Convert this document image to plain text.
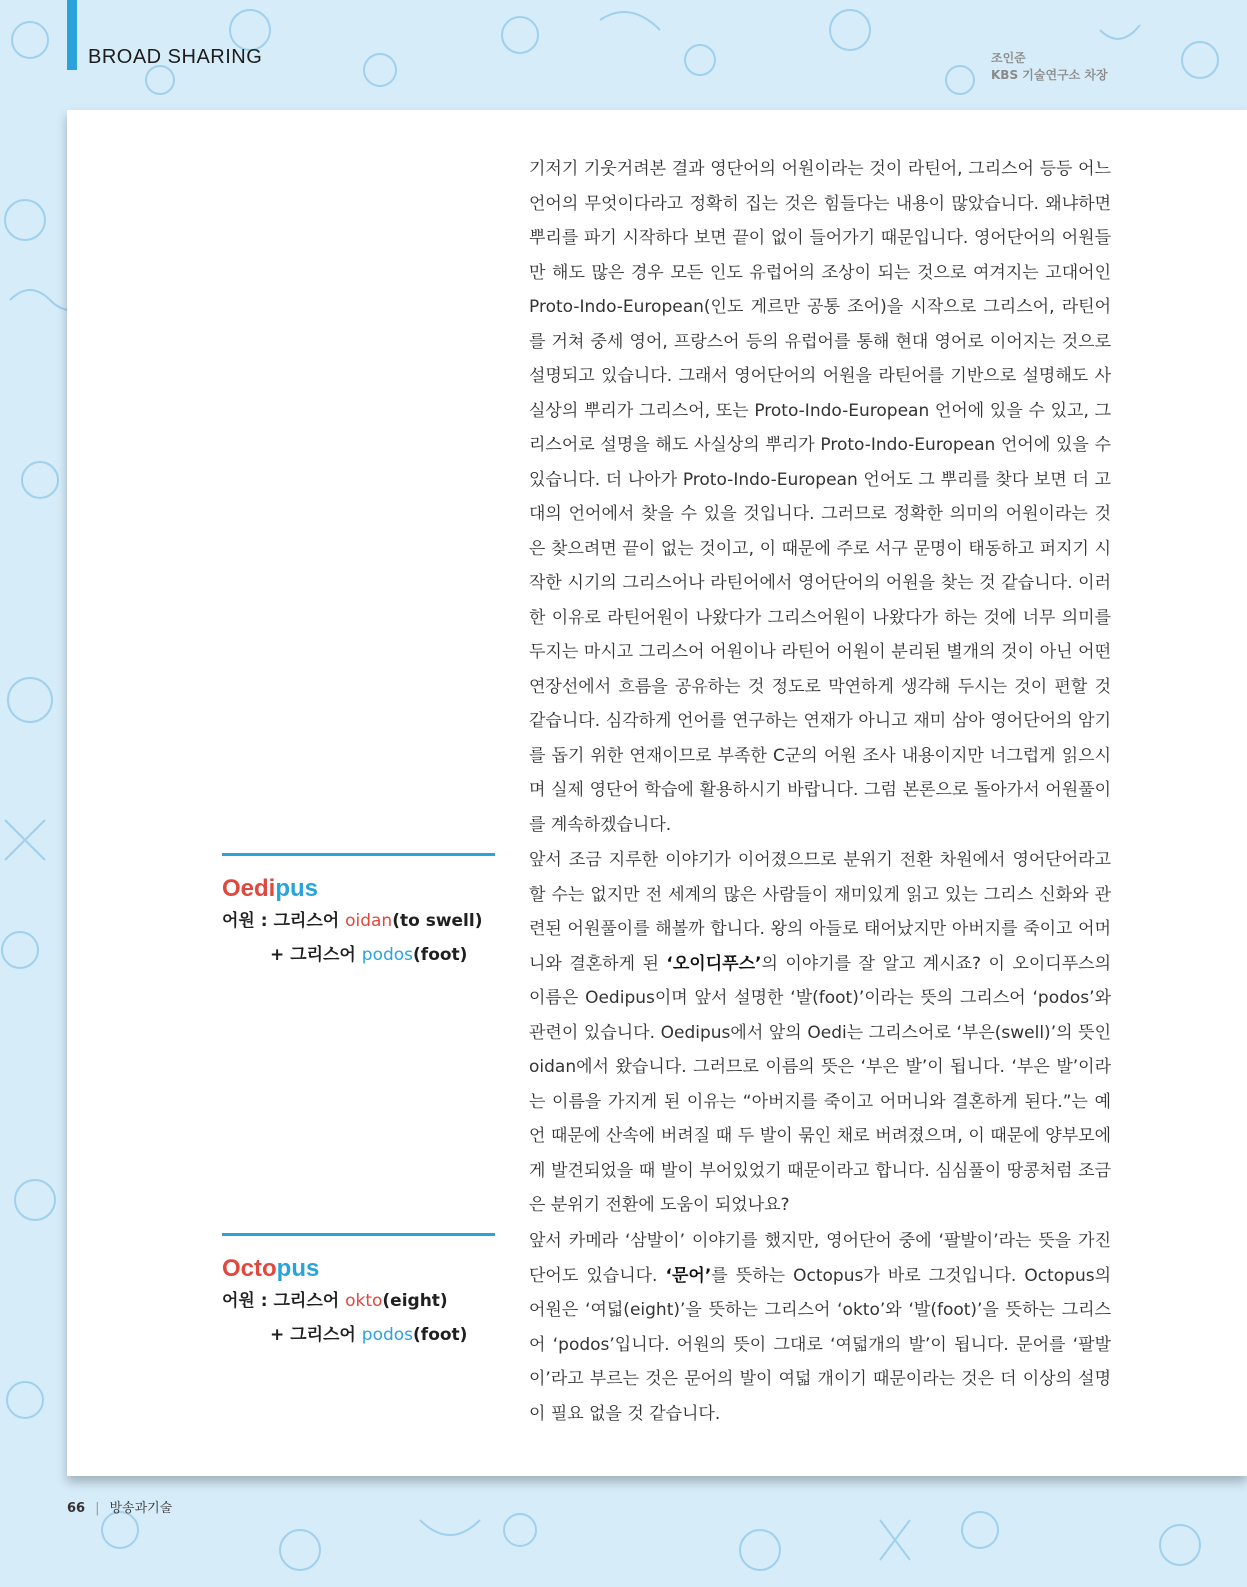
BROAD SHARING	조인준
KBS 기술연구소 차장
기저기 기웃거려본 결과 영단어의 어원이라는 것이 라틴어, 그리스어 등등 어느 언어의 무엇이다라고 정확히 집는 것은 힘들다는 내용이 많았습니다. 왜냐하면 뿌리를 파기 시작하다 보면 끝이 없이 들어가기 때문입니다. 영어단어의 어원들만 해도 많은 경우 모든 인도 유럽어의 조상이 되는 것으로 여겨지는 고대어인 Proto-Indo-European(인도 게르만 공통 조어)을 시작으로 그리스어, 라틴어를 거쳐 중세 영어, 프랑스어 등의 유럽어를 통해 현대 영어로 이어지는 것으로 설명되고 있습니다. 그래서 영어단어의 어원을 라틴어를 기반으로 설명해도 사실상의 뿌리가 그리스어, 또는 Proto-Indo-European 언어에 있을 수 있고, 그리스어로 설명을 해도 사실상의 뿌리가 Proto-Indo-European 언어에 있을 수 있습니다. 더 나아가 Proto-Indo-European 언어도 그 뿌리를 찾다 보면 더 고대의 언어에서 찾을 수 있을 것입니다. 그러므로 정확한 의미의 어원이라는 것은 찾으려면 끝이 없는 것이고, 이 때문에 주로 서구 문명이 태동하고 퍼지기 시작한 시기의 그리스어나 라틴어에서 영어단어의 어원을 찾는 것 같습니다. 이러한 이유로 라틴어원이 나왔다가 그리스어원이 나왔다가 하는 것에 너무 의미를 두지는 마시고 그리스어 어원이나 라틴어 어원이 분리된 별개의 것이 아닌 어떤 연장선에서 흐름을 공유하는 것 정도로 막연하게 생각해 두시는 것이 편할 것 같습니다. 심각하게 언어를 연구하는 연재가 아니고 재미 삼아 영어단어의 암기를 돕기 위한 연재이므로 부족한 C군의 어원 조사 내용이지만 너그럽게 읽으시며 실제 영단어 학습에 활용하시기 바랍니다. 그럼 본론으로 돌아가서 어원풀이를 계속하겠습니다.
앞서 조금 지루한 이야기가 이어졌으므로 분위기 전환 차원에서 영어단어라고 할 수는 없지만 전 세계의 많은 사람들이 재미있게 읽고 있는 그리스 신화와 관련된 어원풀이를 해볼까 합니다. 왕의 아들로 태어났지만 아버지를 죽이고 어머니와 결혼하게 된 ‘오이디푸스’의 이야기를 잘 알고 계시죠? 이 오이디푸스의 이름은 Oedipus이며 앞서 설명한 ‘발(foot)’이라는 뜻의 그리스어 ‘podos’와 관련이 있습니다. Oedipus에서 앞의 Oedi는 그리스어로 ‘부은(swell)’의 뜻인 oidan에서 왔습니다. 그러므로 이름의 뜻은 ‘부은 발’이 됩니다. ‘부은 발’이라는 이름을 가지게 된 이유는 “아버지를 죽이고 어머니와 결혼하게 된다.”는 예언 때문에 산속에 버려질 때 두 발이 묶인 채로 버려졌으며, 이 때문에 양부모에게 발견되었을 때 발이 부어있었기 때문이라고 합니다. 심심풀이 땅콩처럼 조금은 분위기 전환에 도움이 되었나요?
앞서 카메라 ‘삼발이’ 이야기를 했지만, 영어단어 중에 ‘팔발이’라는 뜻을 가진 단어도 있습니다. ‘문어’를 뜻하는 Octopus가 바로 그것입니다. Octopus의 어원은 ‘여덟(eight)’을 뜻하는 그리스어 ‘okto’와 ‘발(foot)’을 뜻하는 그리스어 ‘podos’입니다. 어원의 뜻이 그대로 ‘여덟개의 발’이 됩니다. 문어를 ‘팔발이’라고 부르는 것은 문어의 발이 여덟 개이기 때문이라는 것은 더 이상의 설명이 필요 없을 것 같습니다.
Oedipus
어원 : 그리스어 oidan(to swell)
+ 그리스어 podos(foot)
Octopus
어원 : 그리스어 okto(eight)
+ 그리스어 podos(foot)
66 | 방송과기술
